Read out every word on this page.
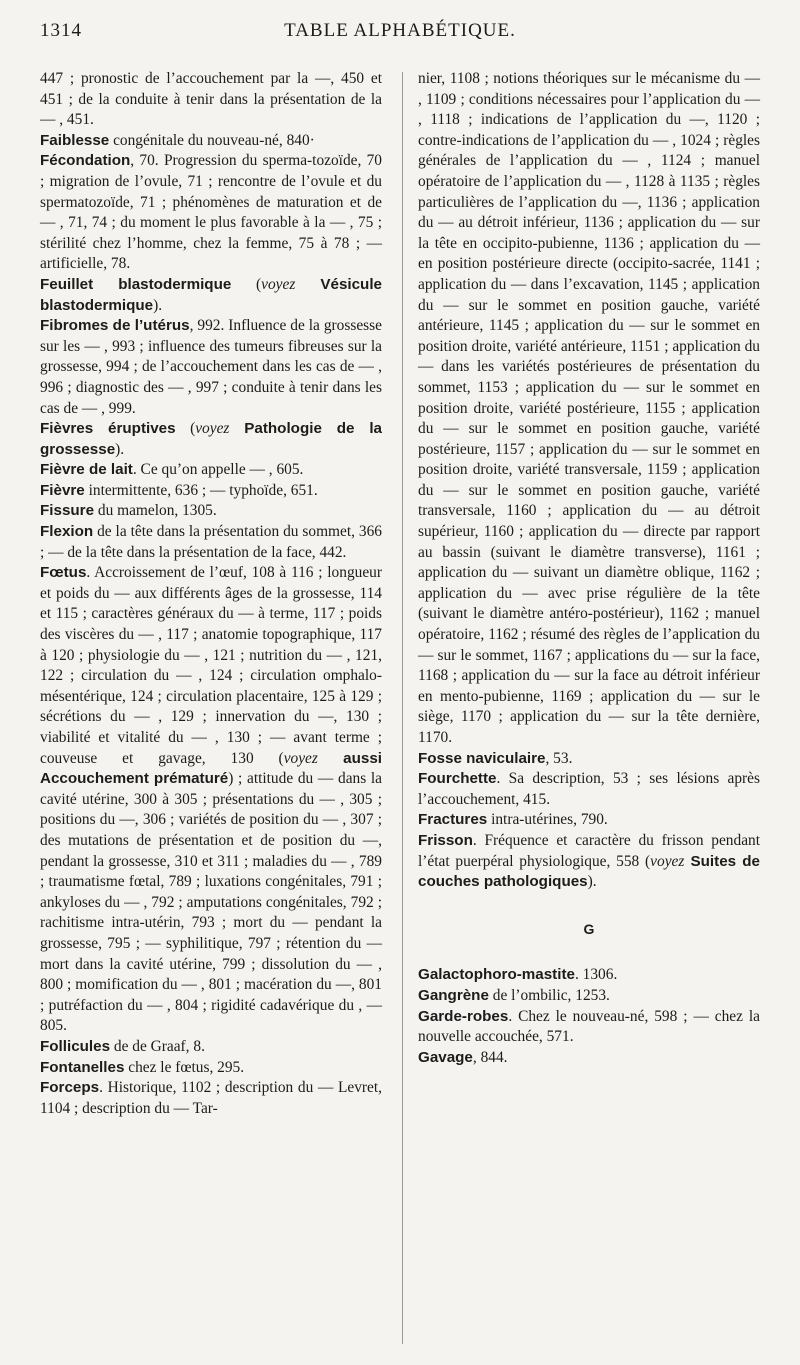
1314	TABLE ALPHABÉTIQUE.

447 ; pronostic de l’accouchement par la —, 450 et 451 ; de la conduite à tenir dans la présentation de la — , 451.

Faiblesse congénitale du nouveau-né, 840·

Fécondation, 70. Progression du sperma-tozoïde, 70 ; migration de l’ovule, 71 ; rencontre de l’ovule et du spermatozoïde, 71 ; phénomènes de maturation et de — , 71, 74 ; du moment le plus favorable à la — , 75 ; stérilité chez l’homme, chez la femme, 75 à 78 ; — artificielle, 78.

Feuillet blastodermique (voyez Vésicule blastodermique).

Fibromes de l’utérus, 992. Influence de la grossesse sur les — , 993 ; influence des tumeurs fibreuses sur la grossesse, 994 ; de l’accouchement dans les cas de — , 996 ; diagnostic des — , 997 ; conduite à tenir dans les cas de — , 999.

Fièvres éruptives (voyez Pathologie de la grossesse).

Fièvre de lait. Ce qu’on appelle — , 605.

Fièvre intermittente, 636 ; — typhoïde, 651.

Fissure du mamelon, 1305.

Flexion de la tête dans la présentation du sommet, 366 ; — de la tête dans la présentation de la face, 442.

Fœtus. Accroissement de l’œuf, 108 à 116 ; longueur et poids du — aux différents âges de la grossesse, 114 et 115 ; caractères généraux du — à terme, 117 ; poids des viscères du — , 117 ; anatomie topographique, 117 à 120 ; physiologie du — , 121 ; nutrition du — , 121, 122 ; circulation du — , 124 ; circulation omphalo-mésentérique, 124 ; circulation placentaire, 125 à 129 ; sécrétions du — , 129 ; innervation du —, 130 ; viabilité et vitalité du — , 130 ; — avant terme ; couveuse et gavage, 130 (voyez aussi Accouchement prématuré) ; attitude du — dans la cavité utérine, 300 à 305 ; présentations du — , 305 ; positions du —, 306 ; variétés de position du — , 307 ; des mutations de présentation et de position du —, pendant la grossesse, 310 et 311 ; maladies du — , 789 ; traumatisme fœtal, 789 ; luxations congénitales, 791 ; ankyloses du — , 792 ; amputations congénitales, 792 ; rachitisme intra-utérin, 793 ; mort du — pendant la grossesse, 795 ; — syphilitique, 797 ; rétention du — mort dans la cavité utérine, 799 ; dissolution du — , 800 ; momification du — , 801 ; macération du —, 801 ; putréfaction du — , 804 ; rigidité cadavérique du , — 805.

Follicules de de Graaf, 8.

Fontanelles chez le fœtus, 295.

Forceps. Historique, 1102 ; description du — Levret, 1104 ; description du — Tar-

nier, 1108 ; notions théoriques sur le mécanisme du — , 1109 ; conditions nécessaires pour l’application du — , 1118 ; indications de l’application du —, 1120 ; contre-indications de l’application du — , 1024 ; règles générales de l’application du — , 1124 ; manuel opératoire de l’application du — , 1128 à 1135 ; règles particulières de l’application du —, 1136 ; application du — au détroit inférieur, 1136 ; application du — sur la tête en occipito-pubienne, 1136 ; application du — en position postérieure directe (occipito-sacrée, 1141 ; application du — dans l’excavation, 1145 ; application du — sur le sommet en position gauche, variété antérieure, 1145 ; application du — sur le sommet en position droite, variété antérieure, 1151 ; application du — dans les variétés postérieures de présentation du sommet, 1153 ; application du — sur le sommet en position droite, variété postérieure, 1155 ; application du — sur le sommet en position gauche, variété postérieure, 1157 ; application du — sur le sommet en position droite, variété transversale, 1159 ; application du — sur le sommet en position gauche, variété transversale, 1160 ; application du — au détroit supérieur, 1160 ; application du — directe par rapport au bassin (suivant le diamètre transverse), 1161 ; application du — suivant un diamètre oblique, 1162 ; application du — avec prise régulière de la tête (suivant le diamètre antéro-postérieur), 1162 ; manuel opératoire, 1162 ; résumé des règles de l’application du — sur le sommet, 1167 ; applications du — sur la face, 1168 ; application du — sur la face au détroit inférieur en mento-pubienne, 1169 ; application du — sur le siège, 1170 ; application du — sur la tête dernière, 1170.

Fosse naviculaire, 53.

Fourchette. Sa description, 53 ; ses lésions après l’accouchement, 415.

Fractures intra-utérines, 790.

Frisson. Fréquence et caractère du frisson pendant l’état puerpéral physiologique, 558 (voyez Suites de couches pathologiques).

G

Galactophoro-mastite. 1306.

Gangrène de l’ombilic, 1253.

Garde-robes. Chez le nouveau-né, 598 ; — chez la nouvelle accouchée, 571.

Gavage, 844.
